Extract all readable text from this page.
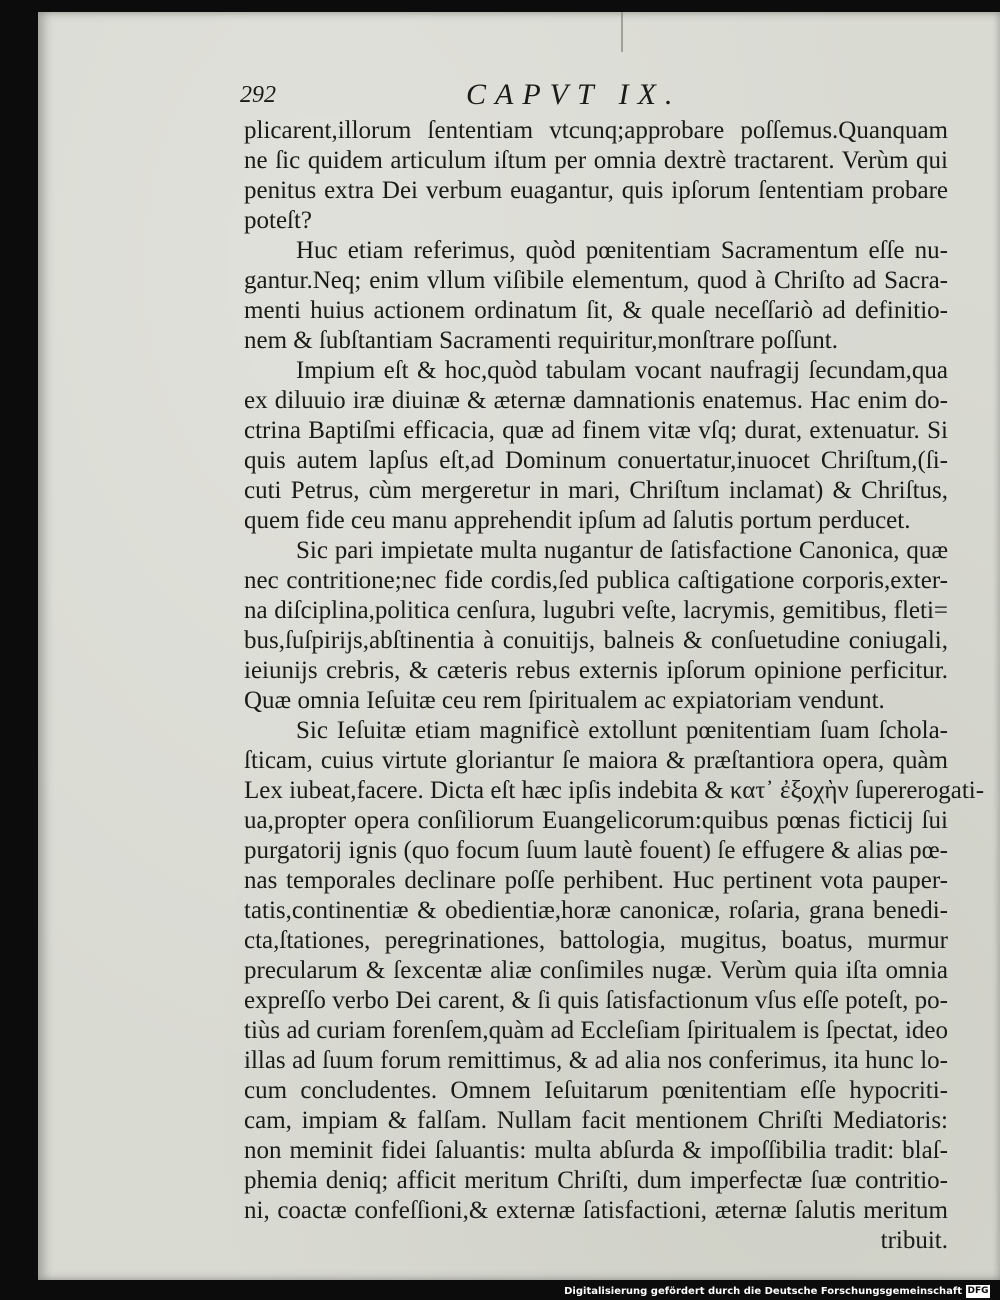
292	CAPVT IX.
plicarent,illorum ſententiam vtcunq;approbare poſſemus.Quanquam
ne ſic quidem articulum iſtum per omnia dextrè tractarent. Verùm qui
penitus extra Dei verbum euagantur, quis ipſorum ſententiam probare
poteſt?
Huc etiam referimus, quòd pœnitentiam Sacramentum eſſe nu-
gantur.Neq; enim vllum viſibile elementum, quod à Chriſto ad Sacra-
menti huius actionem ordinatum ſit, & quale neceſſariò ad definitio-
nem & ſubſtantiam Sacramenti requiritur,monſtrare poſſunt.
Impium eſt & hoc,quòd tabulam vocant naufragij ſecundam,qua
ex diluuio iræ diuinæ & æternæ damnationis enatemus. Hac enim do-
ctrina Baptiſmi efficacia, quæ ad finem vitæ vſq; durat, extenuatur. Si
quis autem lapſus eſt,ad Dominum conuertatur,inuocet Chriſtum,(ſi-
cuti Petrus, cùm mergeretur in mari, Chriſtum inclamat) & Chriſtus,
quem fide ceu manu apprehendit ipſum ad ſalutis portum perducet.
Sic pari impietate multa nugantur de ſatisfactione Canonica, quæ
nec contritione;nec fide cordis,ſed publica caſtigatione corporis,exter-
na diſciplina,politica cenſura, lugubri veſte, lacrymis, gemitibus, fleti=
bus,ſuſpirijs,abſtinentia à conuitijs, balneis & conſuetudine coniugali,
ieiunijs crebris, & cæteris rebus externis ipſorum opinione perficitur.
Quæ omnia Ieſuitæ ceu rem ſpiritualem ac expiatoriam vendunt.
Sic Ieſuitæ etiam magnificè extollunt pœnitentiam ſuam ſchola-
ſticam, cuius virtute gloriantur ſe maiora & præſtantiora opera, quàm
Lex iubeat,facere. Dicta eſt hæc ipſis indebita & κατ᾽ ἐξοχὴν ſupererogati-
ua,propter opera conſiliorum Euangelicorum:quibus pœnas ficticij ſui
purgatorij ignis (quo focum ſuum lautè fouent) ſe effugere & alias pœ-
nas temporales declinare poſſe perhibent. Huc pertinent vota pauper-
tatis,continentiæ & obedientiæ,horæ canonicæ, roſaria, grana benedi-
cta,ſtationes, peregrinationes, battologia, mugitus, boatus, murmur
precularum & ſexcentæ aliæ conſimiles nugæ. Verùm quia iſta omnia
expreſſo verbo Dei carent, & ſi quis ſatisfactionum vſus eſſe poteſt, po-
tiùs ad curiam forenſem,quàm ad Eccleſiam ſpiritualem is ſpectat, ideo
illas ad ſuum forum remittimus, & ad alia nos conferimus, ita hunc lo-
cum concludentes. Omnem Ieſuitarum pœnitentiam eſſe hypocriti-
cam, impiam & falſam. Nullam facit mentionem Chriſti Mediatoris:
non meminit fidei ſaluantis: multa abſurda & impoſſibilia tradit: blaſ-
phemia deniq; afficit meritum Chriſti, dum imperfectæ ſuæ contritio-
ni, coactæ confeſſioni,& externæ ſatisfactioni, æternæ ſalutis meritum
tribuit.
Digitalisierung gefördert durch die Deutsche Forschungsgemeinschaft DFG
